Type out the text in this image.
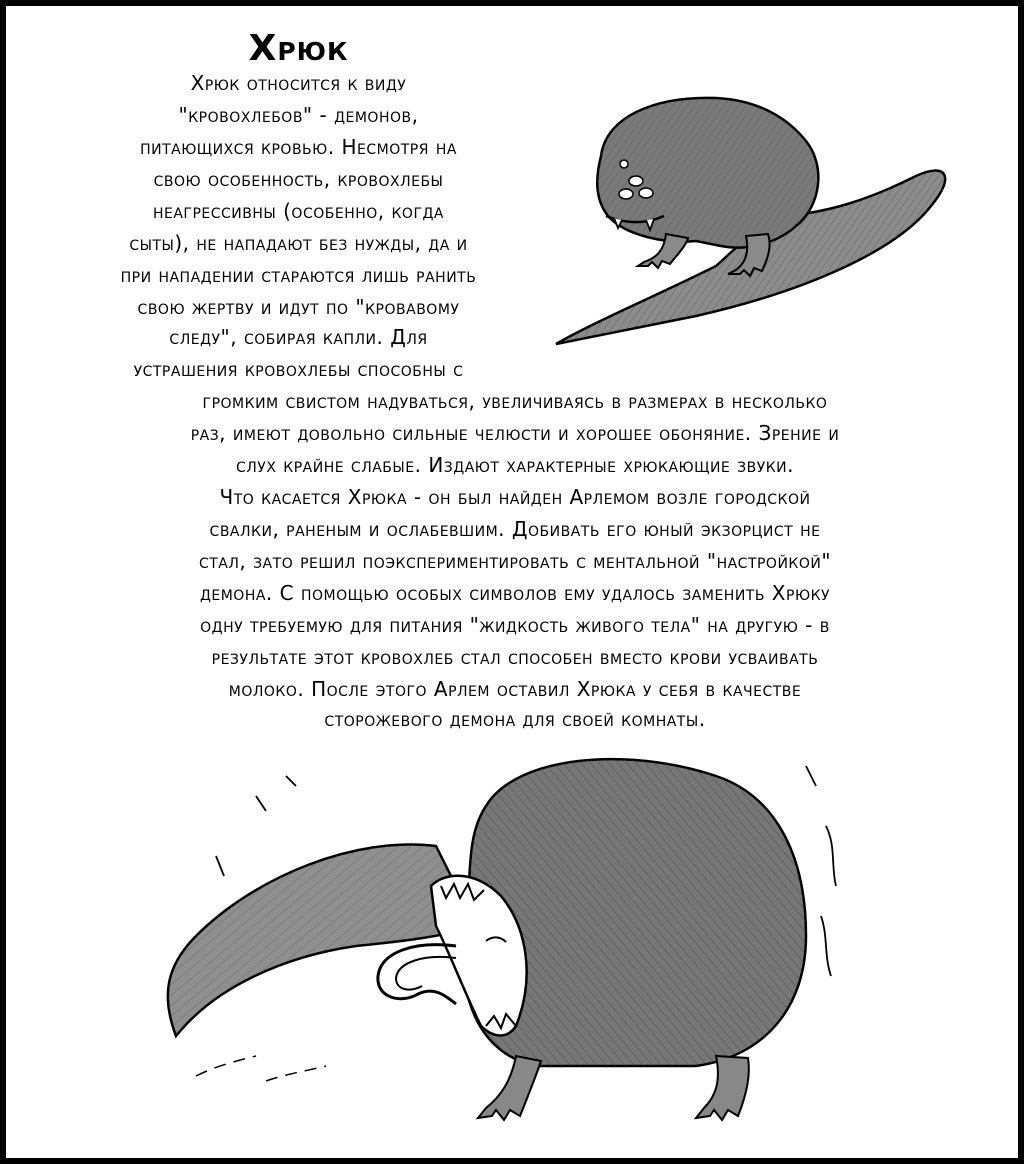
Хрюк
Хрюк относится к виду
"кровохлебов" - демонов,
питающихся кровью. Несмотря на
свою особенность, кровохлебы
неагрессивны (особенно, когда
сыты), не нападают без нужды, да и
при нападении стараются лишь ранить
свою жертву и идут по "кровавому
следу", собирая капли. Для
устрашения кровохлебы способны с
громким свистом надуваться, увеличиваясь в размерах в несколько
раз, имеют довольно сильные челюсти и хорошее обоняние. Зрение и
слух крайне слабые. Издают характерные хрюкающие звуки.
Что касается Хрюка - он был найден Арлемом возле городской
свалки, раненым и ослабевшим. Добивать его юный экзорцист не
стал, зато решил поэкспериментировать с ментальной "настройкой"
демона. С помощью особых символов ему удалось заменить Хрюку
одну требуемую для питания "жидкость живого тела" на другую - в
результате этот кровохлеб стал способен вместо крови усваивать
молоко. После этого Арлем оставил Хрюка у себя в качестве
сторожевого демона для своей комнаты.
